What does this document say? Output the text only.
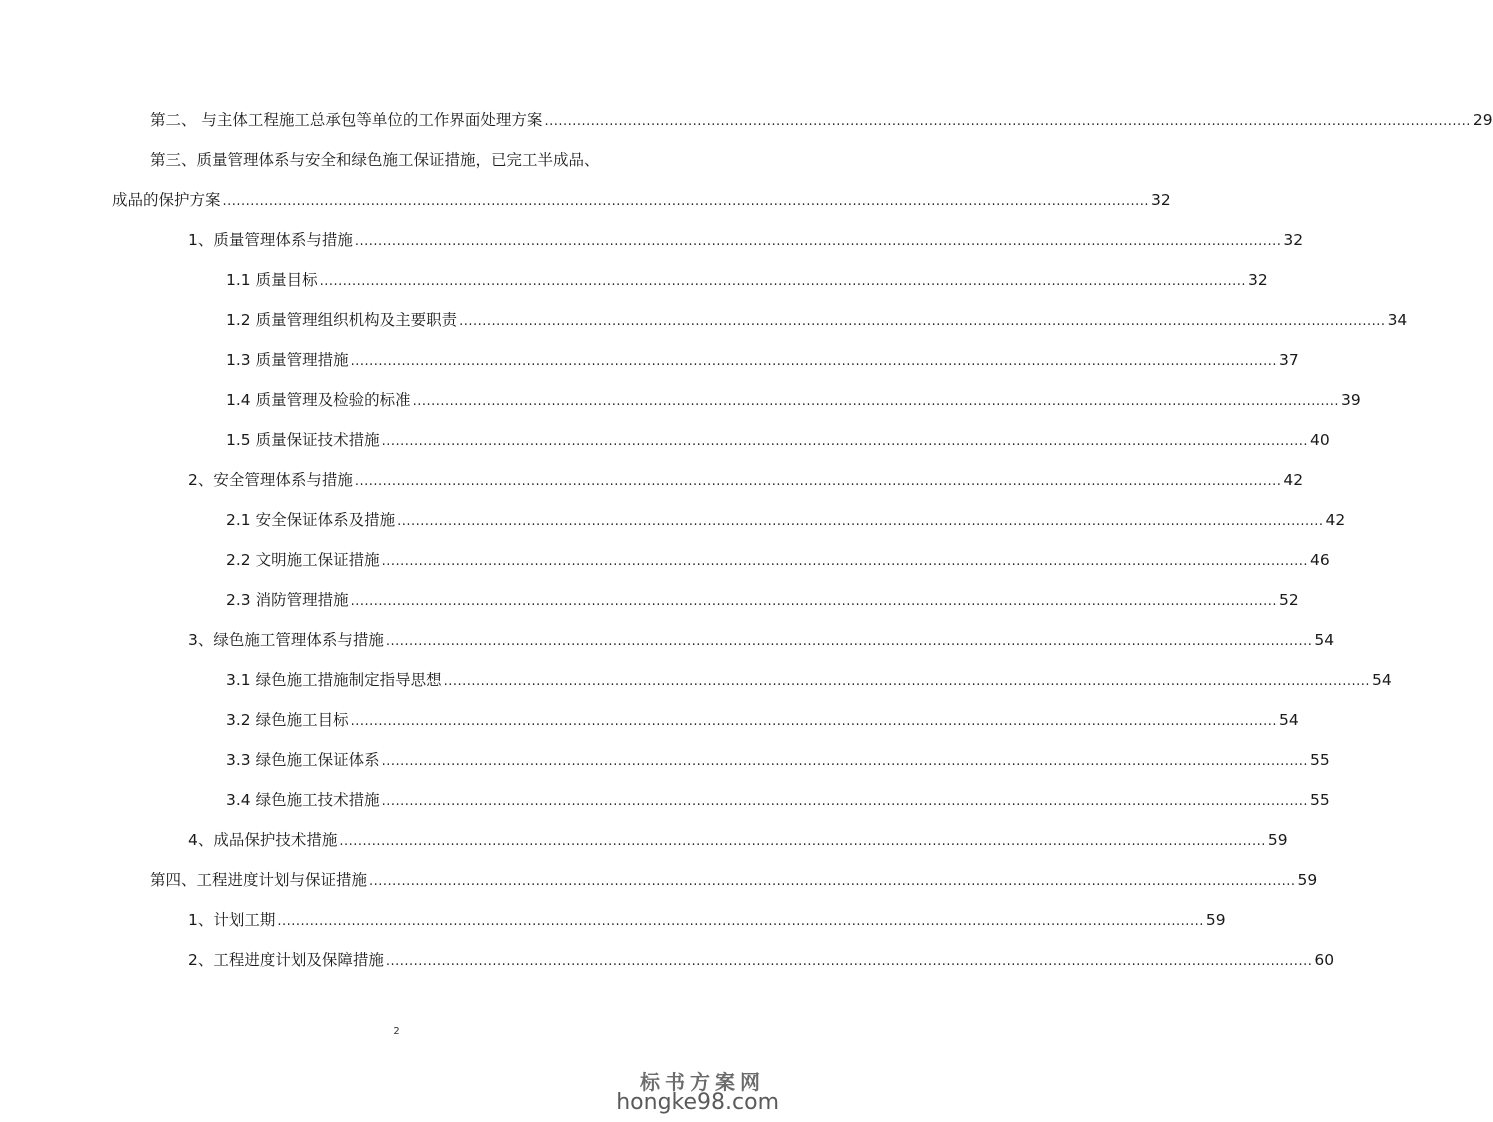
第二、 与主体工程施工总承包等单位的工作界面处理方案 ........................................................................................................................................................................................................ 29
第三、质量管理体系与安全和绿色施工保证措施，已完工半成品、
成品的保护方案 ........................................................................................................................................................................................................ 32
1、质量管理体系与措施 ........................................................................................................................................................................................................ 32
1.1 质量目标 ........................................................................................................................................................................................................ 32
1.2 质量管理组织机构及主要职责 ........................................................................................................................................................................................................ 34
1.3 质量管理措施 ........................................................................................................................................................................................................ 37
1.4 质量管理及检验的标准 ........................................................................................................................................................................................................ 39
1.5 质量保证技术措施 ........................................................................................................................................................................................................ 40
2、安全管理体系与措施 ........................................................................................................................................................................................................ 42
2.1 安全保证体系及措施 ........................................................................................................................................................................................................ 42
2.2 文明施工保证措施 ........................................................................................................................................................................................................ 46
2.3 消防管理措施 ........................................................................................................................................................................................................ 52
3、绿色施工管理体系与措施 ........................................................................................................................................................................................................ 54
3.1 绿色施工措施制定指导思想 ........................................................................................................................................................................................................ 54
3.2 绿色施工目标 ........................................................................................................................................................................................................ 54
3.3 绿色施工保证体系 ........................................................................................................................................................................................................ 55
3.4 绿色施工技术措施 ........................................................................................................................................................................................................ 55
4、成品保护技术措施 ........................................................................................................................................................................................................ 59
第四、工程进度计划与保证措施 ........................................................................................................................................................................................................ 59
1、计划工期 ........................................................................................................................................................................................................ 59
2、工程进度计划及保障措施 ........................................................................................................................................................................................................ 60
2
标书方案网
hongke98.com
